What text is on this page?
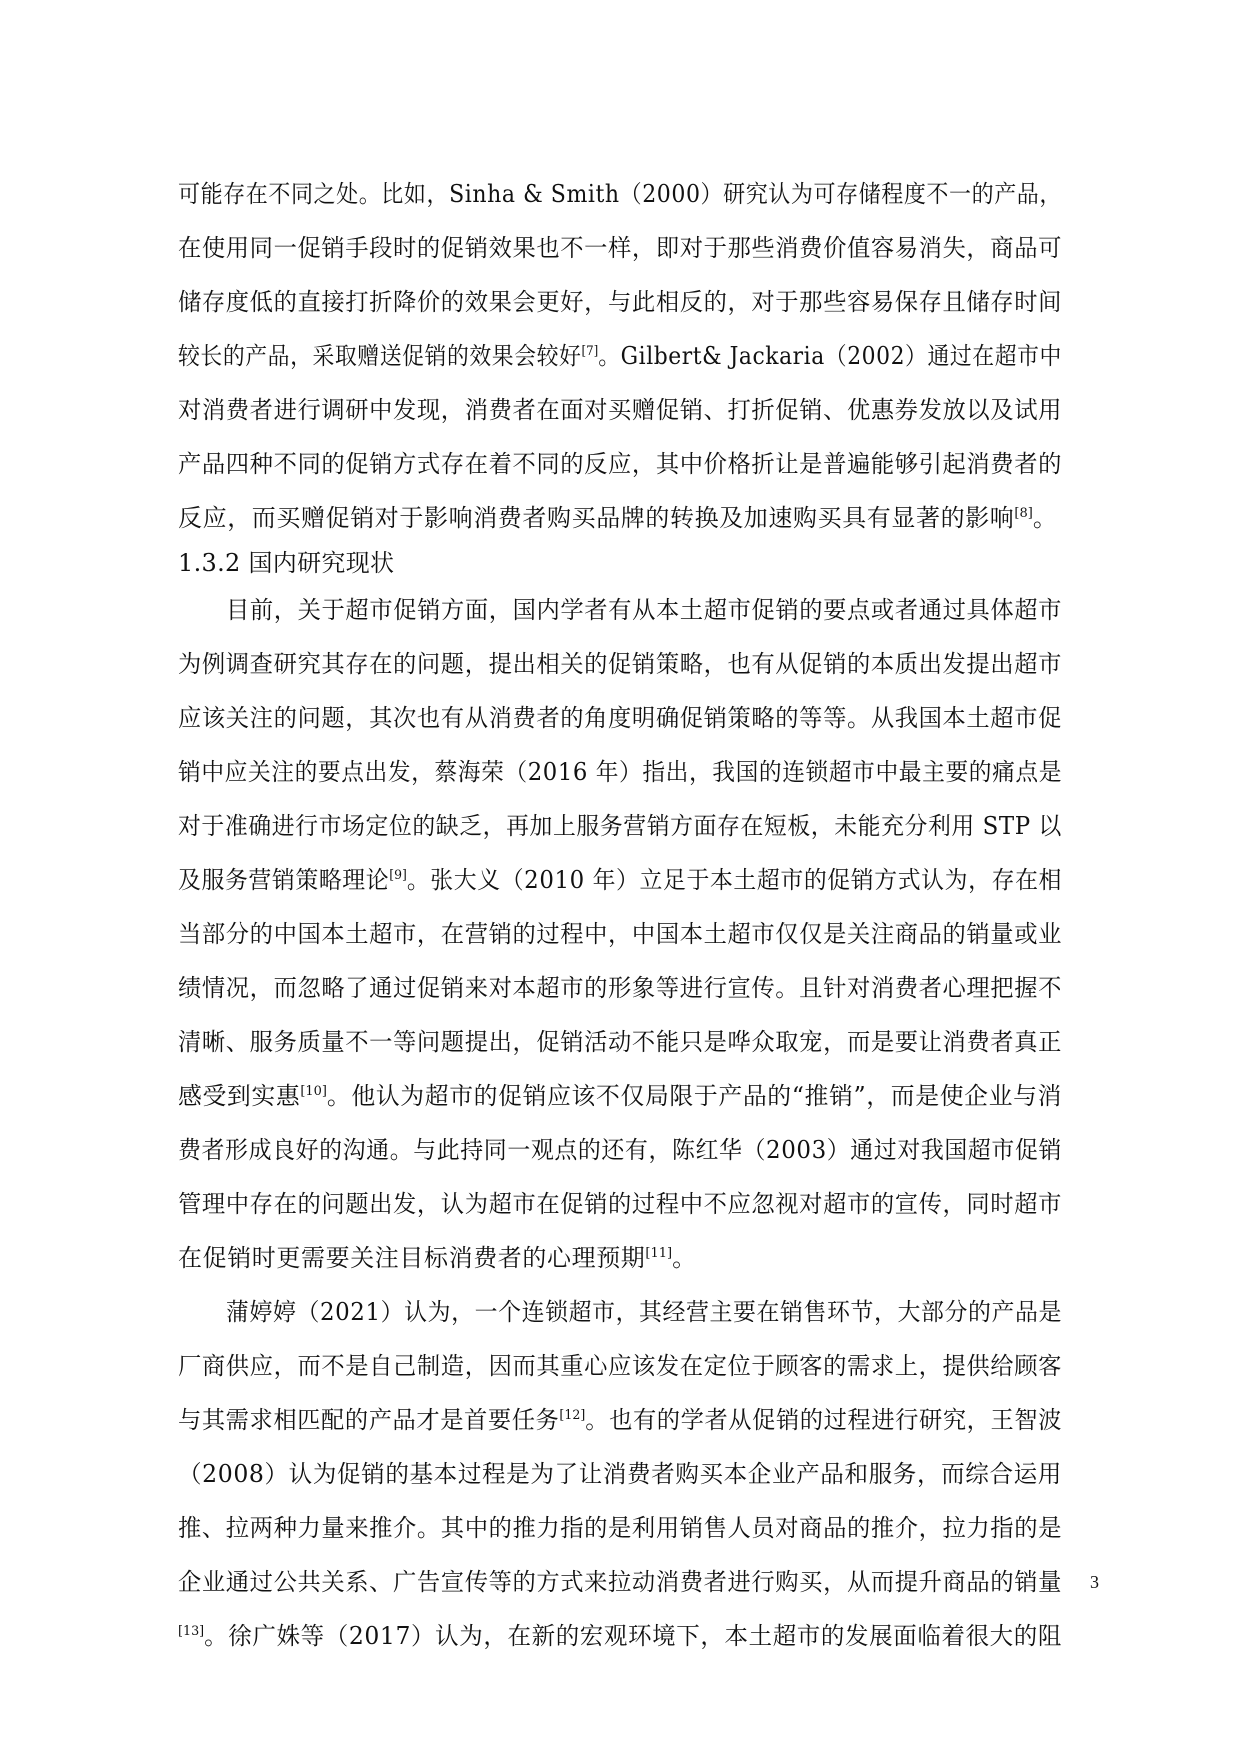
1.3.2 国内研究现状
可能存在不同之处。比如，Sinha & Smith（2000）研究认为可存储程度不一的产品，
在使用同一促销手段时的促销效果也不一样，即对于那些消费价值容易消失，商品可
储存度低的直接打折降价的效果会更好，与此相反的，对于那些容易保存且储存时间
较长的产品，采取赠送促销的效果会较好[7]。Gilbert& Jackaria（2002）通过在超市中
对消费者进行调研中发现，消费者在面对买赠促销、打折促销、优惠券发放以及试用
产品四种不同的促销方式存在着不同的反应，其中价格折让是普遍能够引起消费者的
反应，而买赠促销对于影响消费者购买品牌的转换及加速购买具有显著的影响[8]。
目前，关于超市促销方面，国内学者有从本土超市促销的要点或者通过具体超市
为例调查研究其存在的问题，提出相关的促销策略，也有从促销的本质出发提出超市
应该关注的问题，其次也有从消费者的角度明确促销策略的等等。从我国本土超市促
销中应关注的要点出发，蔡海荣（2016 年）指出，我国的连锁超市中最主要的痛点是
对于准确进行市场定位的缺乏，再加上服务营销方面存在短板，未能充分利用 STP 以
及服务营销策略理论[9]。张大义（2010 年）立足于本土超市的促销方式认为，存在相
当部分的中国本土超市，在营销的过程中，中国本土超市仅仅是关注商品的销量或业
绩情况，而忽略了通过促销来对本超市的形象等进行宣传。且针对消费者心理把握不
清晰、服务质量不一等问题提出，促销活动不能只是哗众取宠，而是要让消费者真正
感受到实惠[10]。他认为超市的促销应该不仅局限于产品的“推销”，而是使企业与消
费者形成良好的沟通。与此持同一观点的还有，陈红华（2003）通过对我国超市促销
管理中存在的问题出发，认为超市在促销的过程中不应忽视对超市的宣传，同时超市
在促销时更需要关注目标消费者的心理预期[11]。
蒲婷婷（2021）认为，一个连锁超市，其经营主要在销售环节，大部分的产品是
厂商供应，而不是自己制造，因而其重心应该发在定位于顾客的需求上，提供给顾客
与其需求相匹配的产品才是首要任务[12]。也有的学者从促销的过程进行研究，王智波
（2008）认为促销的基本过程是为了让消费者购买本企业产品和服务，而综合运用
推、拉两种力量来推介。其中的推力指的是利用销售人员对商品的推介，拉力指的是
企业通过公共关系、广告宣传等的方式来拉动消费者进行购买，从而提升商品的销量
[13]。徐广姝等（2017）认为，在新的宏观环境下，本土超市的发展面临着很大的阻
3
